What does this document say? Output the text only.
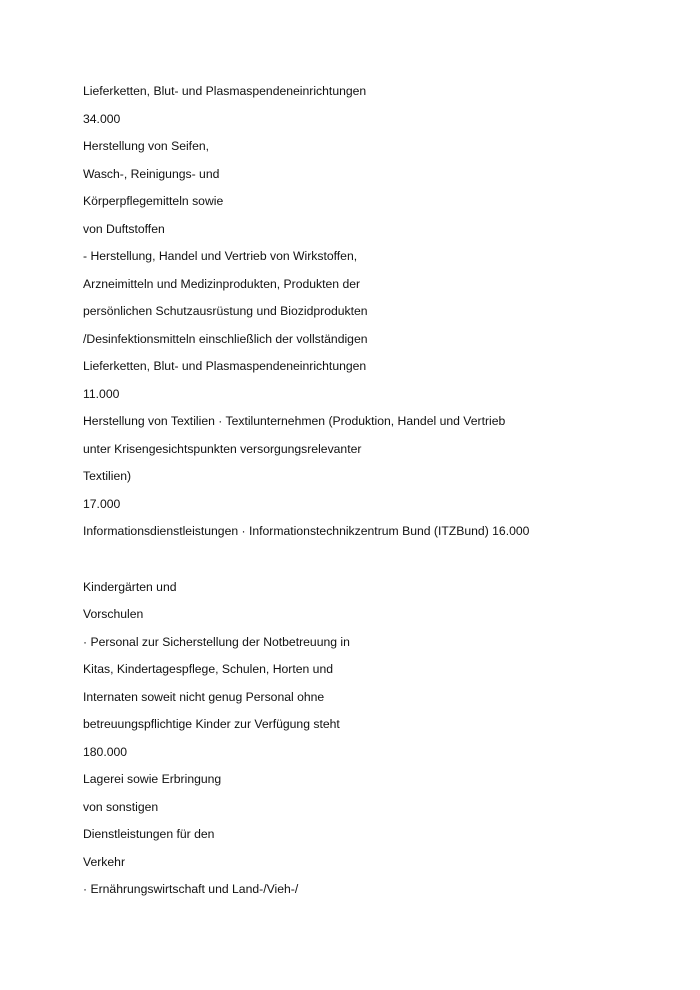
Lieferketten, Blut- und Plasmaspendeneinrichtungen

34.000

Herstellung von Seifen,

Wasch-, Reinigungs- und

Körperpflegemitteln sowie

von Duftstoffen

- Herstellung, Handel und Vertrieb von Wirkstoffen,

Arzneimitteln und Medizinprodukten, Produkten der

persönlichen Schutzausrüstung und Biozidprodukten

/Desinfektionsmitteln einschließlich der vollständigen

Lieferketten, Blut- und Plasmaspendeneinrichtungen

11.000

Herstellung von Textilien · Textilunternehmen (Produktion, Handel und Vertrieb

unter Krisengesichtspunkten versorgungsrelevanter

Textilien)

17.000

Informationsdienstleistungen · Informationstechnikzentrum Bund (ITZBund) 16.000

Kindergärten und

Vorschulen

· Personal zur Sicherstellung der Notbetreuung in

Kitas, Kindertagespflege, Schulen, Horten und

Internaten soweit nicht genug Personal ohne

betreuungspflichtige Kinder zur Verfügung steht

180.000

Lagerei sowie Erbringung

von sonstigen

Dienstleistungen für den

Verkehr

· Ernährungswirtschaft und Land-/Vieh-/
